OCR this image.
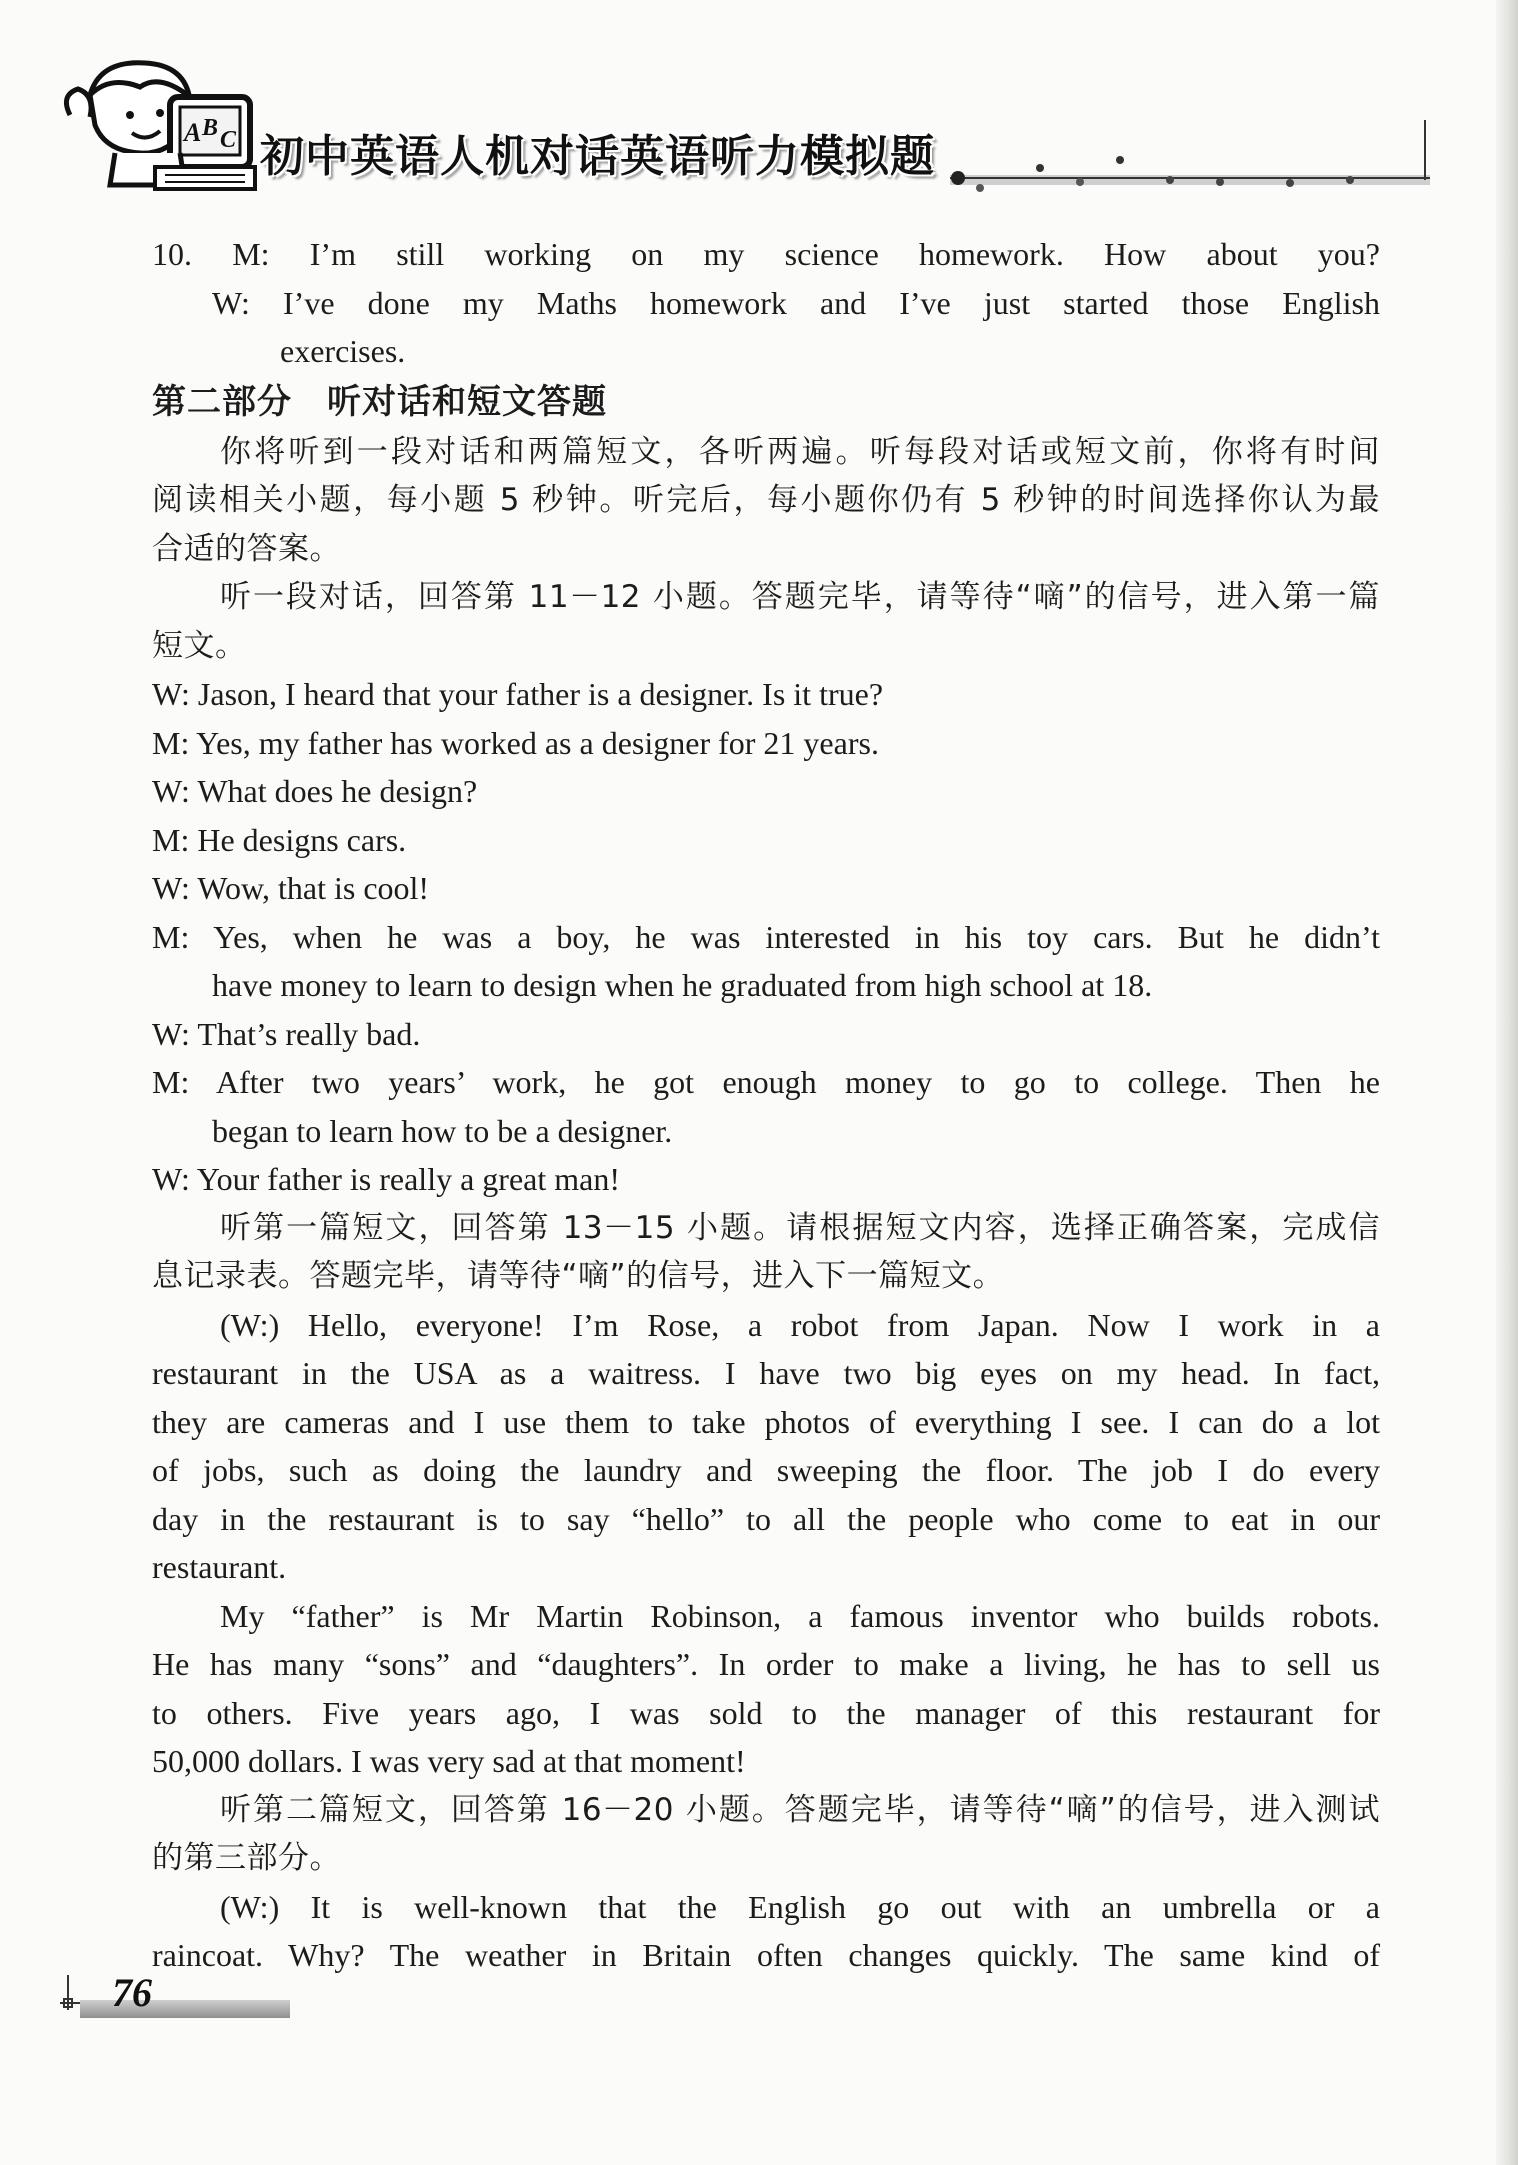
A B C 初中英语人机对话英语听力模拟题
10. M: I’m still working on my science homework. How about you?
W: I’ve done my Maths homework and I’ve just started those English
exercises.
第二部分　听对话和短文答题
你将听到一段对话和两篇短文，各听两遍。听每段对话或短文前，你将有时间
阅读相关小题，每小题 5 秒钟。听完后，每小题你仍有 5 秒钟的时间选择你认为最
合适的答案。
听一段对话，回答第 11－12 小题。答题完毕，请等待“嘀”的信号，进入第一篇
短文。
W: Jason, I heard that your father is a designer. Is it true?
M: Yes, my father has worked as a designer for 21 years.
W: What does he design?
M: He designs cars.
W: Wow, that is cool!
M: Yes, when he was a boy, he was interested in his toy cars. But he didn’t
have money to learn to design when he graduated from high school at 18.
W: That’s really bad.
M: After two years’ work, he got enough money to go to college. Then he
began to learn how to be a designer.
W: Your father is really a great man!
听第一篇短文，回答第 13－15 小题。请根据短文内容，选择正确答案，完成信
息记录表。答题完毕，请等待“嘀”的信号，进入下一篇短文。
(W:) Hello, everyone! I’m Rose, a robot from Japan. Now I work in a
restaurant in the USA as a waitress. I have two big eyes on my head. In fact,
they are cameras and I use them to take photos of everything I see. I can do a lot
of jobs, such as doing the laundry and sweeping the floor. The job I do every
day in the restaurant is to say “hello” to all the people who come to eat in our
restaurant.
My “father” is Mr Martin Robinson, a famous inventor who builds robots.
He has many “sons” and “daughters”. In order to make a living, he has to sell us
to others. Five years ago, I was sold to the manager of this restaurant for
50,000 dollars. I was very sad at that moment!
听第二篇短文，回答第 16－20 小题。答题完毕，请等待“嘀”的信号，进入测试
的第三部分。
(W:) It is well-known that the English go out with an umbrella or a
raincoat. Why? The weather in Britain often changes quickly. The same kind of
76
